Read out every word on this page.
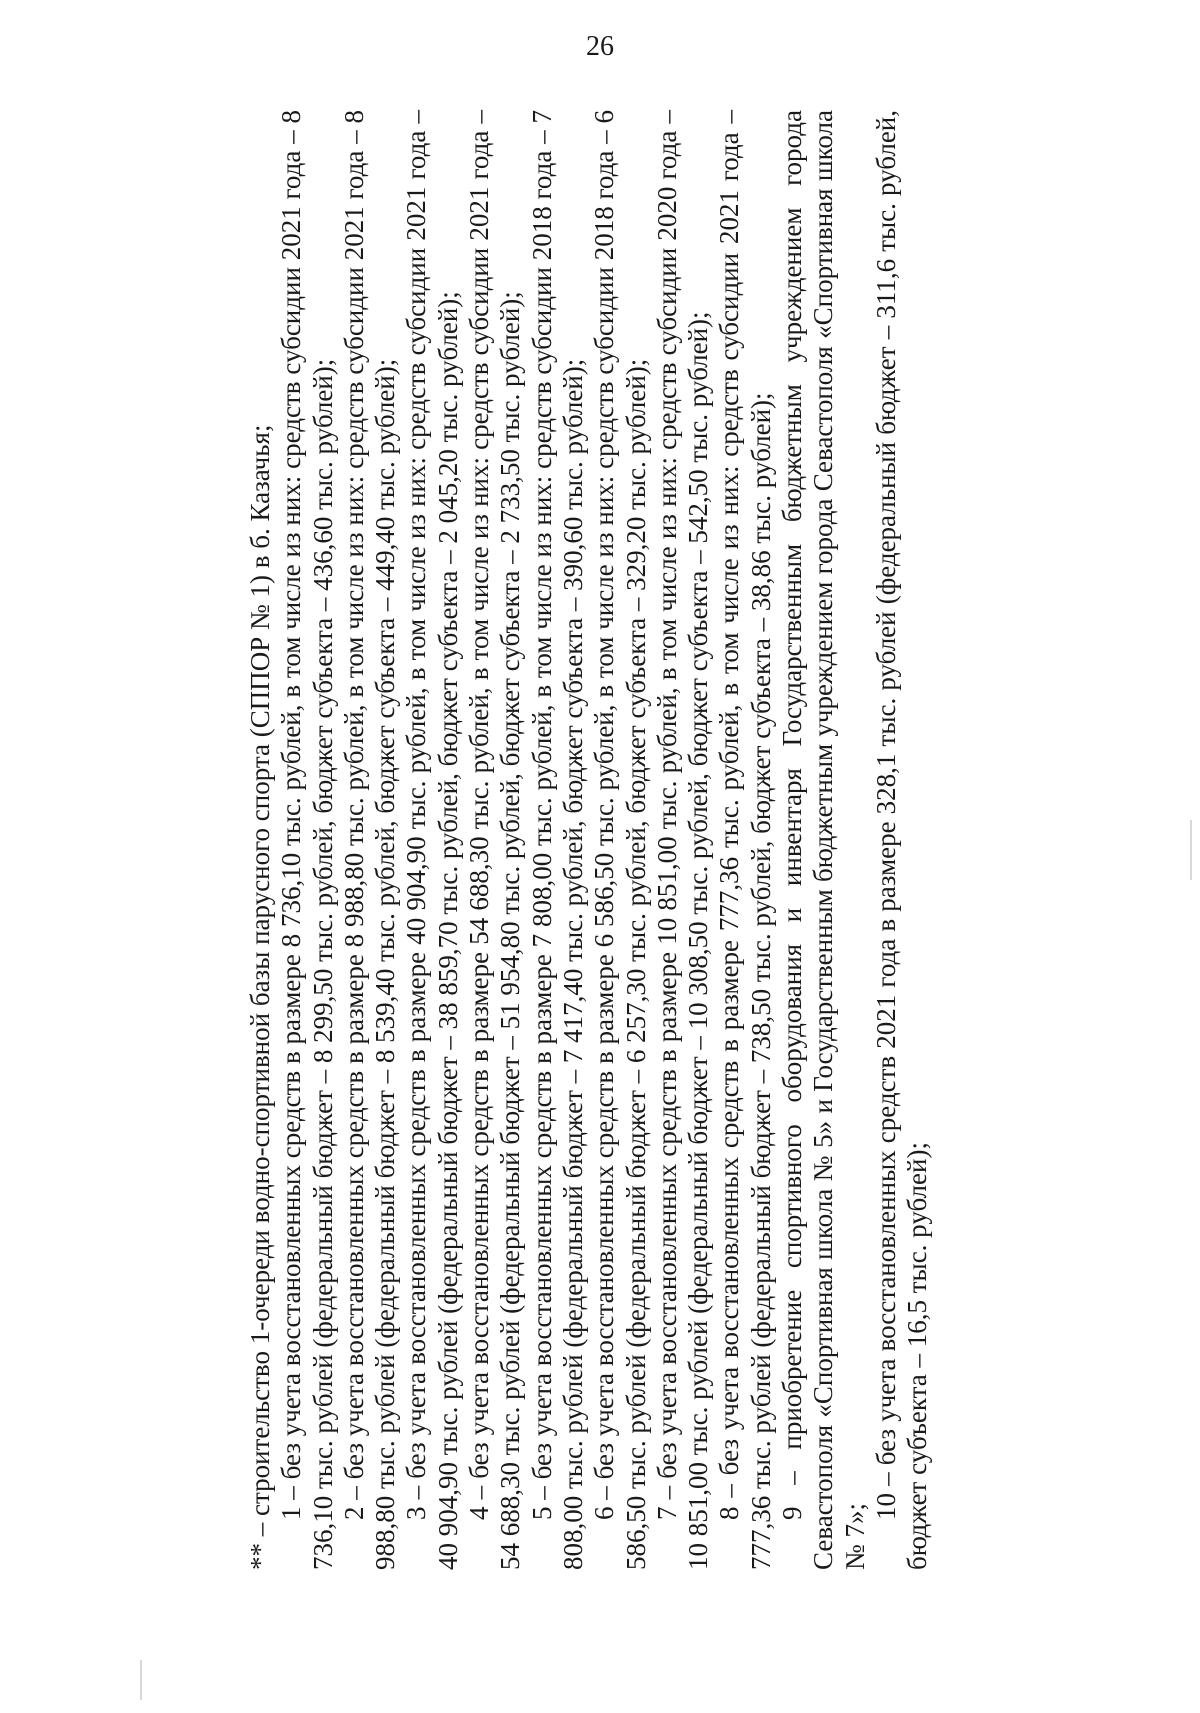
26

** – строительство 1-очереди водно-спортивной базы парусного спорта (СППОР № 1) в б. Казачья; 1 – без учета восстановленных средств в размере 8 736,10 тыс. рублей, в том числе из них: средств субсидии 2021 года – 8 736,10 тыс. рублей (федеральный бюджет – 8 299,50 тыс. рублей, бюджет субъекта – 436,60 тыс. рублей); 2 – без учета восстановленных средств в размере 8 988,80 тыс. рублей, в том числе из них: средств субсидии 2021 года – 8 988,80 тыс. рублей (федеральный бюджет – 8 539,40 тыс. рублей, бюджет субъекта – 449,40 тыс. рублей); 3 – без учета восстановленных средств в размере 40 904,90 тыс. рублей, в том числе из них: средств субсидии 2021 года – 40 904,90 тыс. рублей (федеральный бюджет – 38 859,70 тыс. рублей, бюджет субъекта – 2 045,20 тыс. рублей); 4 – без учета восстановленных средств в размере 54 688,30 тыс. рублей, в том числе из них: средств субсидии 2021 года – 54 688,30 тыс. рублей (федеральный бюджет – 51 954,80 тыс. рублей, бюджет субъекта – 2 733,50 тыс. рублей); 5 – без учета восстановленных средств в размере 7 808,00 тыс. рублей, в том числе из них: средств субсидии 2018 года – 7 808,00 тыс. рублей (федеральный бюджет – 7 417,40 тыс. рублей, бюджет субъекта – 390,60 тыс. рублей); 6 – без учета восстановленных средств в размере 6 586,50 тыс. рублей, в том числе из них: средств субсидии 2018 года – 6 586,50 тыс. рублей (федеральный бюджет – 6 257,30 тыс. рублей, бюджет субъекта – 329,20 тыс. рублей); 7 – без учета восстановленных средств в размере 10 851,00 тыс. рублей, в том числе из них: средств субсидии 2020 года – 10 851,00 тыс. рублей (федеральный бюджет – 10 308,50 тыс. рублей, бюджет субъекта – 542,50 тыс. рублей); 8 – без учета восстановленных средств в размере 777,36 тыс. рублей, в том числе из них: средств субсидии 2021 года – 777,36 тыс. рублей (федеральный бюджет – 738,50 тыс. рублей, бюджет субъекта – 38,86 тыс. рублей); 9 – приобретение спортивного оборудования и инвентаря Государственным бюджетным учреждением города Севастополя «Спортивная школа № 5» и Государственным бюджетным учреждением города Севастополя «Спортивная школа № 7»;

10 – без учета восстановленных средств 2021 года в размере 328,1 тыс. рублей (федеральный бюджет – 311,6 тыс. рублей, бюджет субъекта – 16,5 тыс. рублей);
